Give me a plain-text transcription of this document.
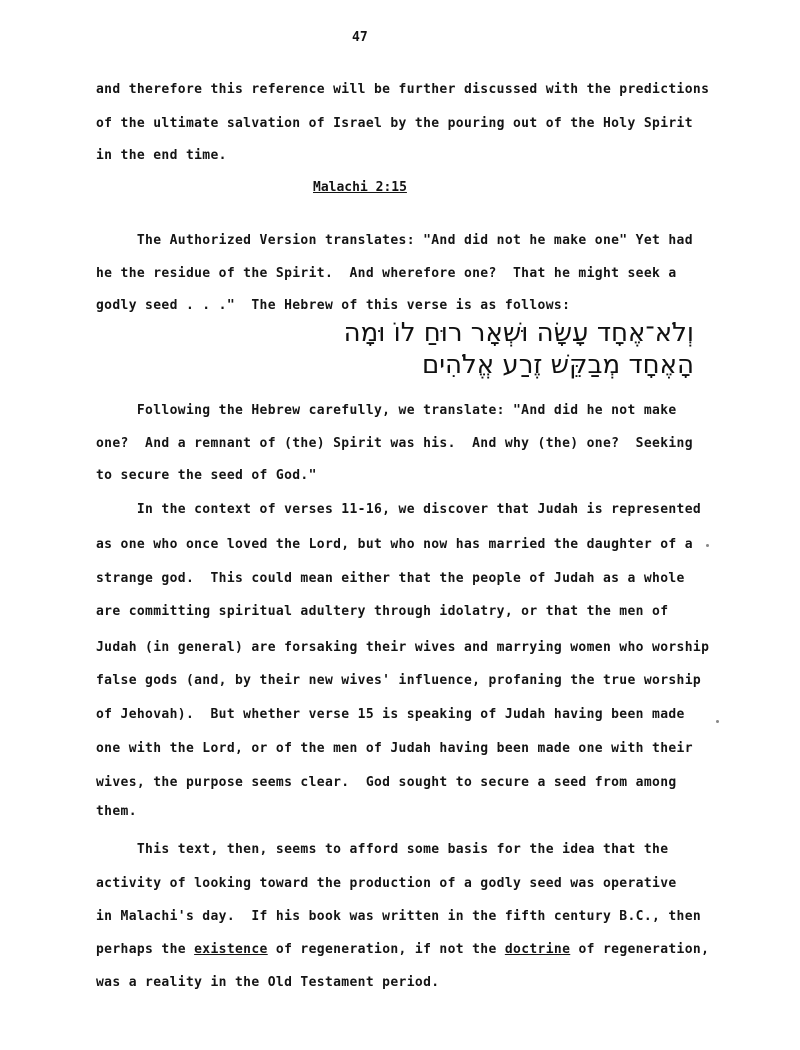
47
and therefore this reference will be further discussed with the predictions
of the ultimate salvation of Israel by the pouring out of the Holy Spirit
in the end time.
Malachi 2:15
The Authorized Version translates: "And did not he make one" Yet had
he the residue of the Spirit.  And wherefore one?  That he might seek a
godly seed . . ."  The Hebrew of this verse is as follows:
וְלֹא־אֶחָד עָשָׂה וּשְׁאָר רוּחַ לוֹ וּמָה
הָאֶחָד מְבַקֵּשׁ זֶרַע אֱלֹהִים
Following the Hebrew carefully, we translate: "And did he not make
one?  And a remnant of (the) Spirit was his.  And why (the) one?  Seeking
to secure the seed of God."
In the context of verses 11-16, we discover that Judah is represented
as one who once loved the Lord, but who now has married the daughter of a
strange god.  This could mean either that the people of Judah as a whole
are committing spiritual adultery through idolatry, or that the men of
Judah (in general) are forsaking their wives and marrying women who worship
false gods (and, by their new wives' influence, profaning the true worship
of Jehovah).  But whether verse 15 is speaking of Judah having been made
one with the Lord, or of the men of Judah having been made one with their
wives, the purpose seems clear.  God sought to secure a seed from among
them.
This text, then, seems to afford some basis for the idea that the
activity of looking toward the production of a godly seed was operative
in Malachi's day.  If his book was written in the fifth century B.C., then
perhaps the existence of regeneration, if not the doctrine of regeneration,
was a reality in the Old Testament period.
